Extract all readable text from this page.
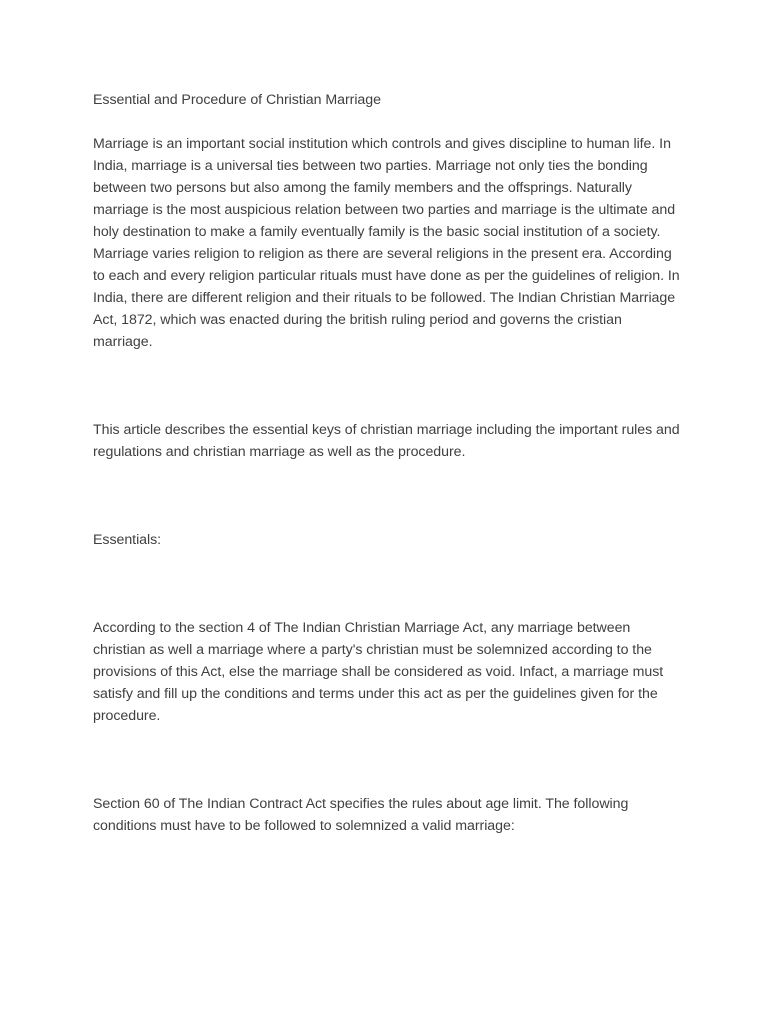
Essential and Procedure of Christian Marriage

Marriage is an important social institution which controls and gives discipline to human life. In India, marriage is a universal ties between two parties. Marriage not only ties the bonding between two persons but also among the family members and the offsprings. Naturally marriage is the most auspicious relation between two parties and marriage is the ultimate and holy destination to make a family eventually family is the basic social institution of a society. Marriage varies religion to religion as there are several religions in the present era. According to each and every religion particular rituals must have done as per the guidelines of religion. In India, there are different religion and their rituals to be followed. The Indian Christian Marriage Act, 1872, which was enacted during the british ruling period and governs the cristian marriage.

This article describes the essential keys of christian marriage including the important rules and regulations and christian marriage as well as the procedure.

Essentials:

According to the section 4 of The Indian Christian Marriage Act, any marriage between christian as well a marriage where a party's christian must be solemnized according to the provisions of this Act, else the marriage shall be considered as void. Infact, a marriage must satisfy and fill up the conditions and terms under this act as per the guidelines given for the procedure.

Section 60 of The Indian Contract Act specifies the rules about age limit. The following conditions must have to be followed to solemnized a valid marriage:
